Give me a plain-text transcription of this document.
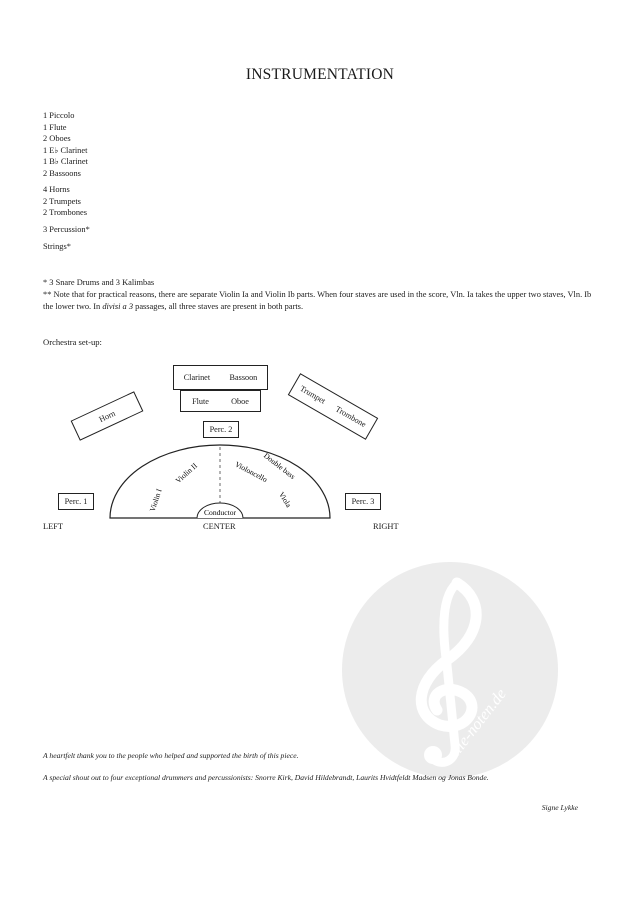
alle-noten.de
INSTRUMENTATION
1 Piccolo
1 Flute
2 Oboes
1 E♭ Clarinet
1 B♭ Clarinet
2 Bassoons
4 Horns
2 Trumpets
2 Trombones
3 Percussion*
Strings*
* 3 Snare Drums and 3 Kalimbas
** Note that for practical reasons, there are separate Violin Ia and Violin Ib parts. When four staves are used in the score, Vln. Ia takes the upper two staves, Vln. Ib the lower two. In divisi a 3 passages, all three staves are present in both parts.
Orchestra set-up:
Clarinet Bassoon
Flute	Oboe
Horn
Trumpet
Trombone
Perc. 2
Perc. 1	Perc. 3
Conductor
Violin I
Violin II	Violoncello
Double bass
Viola
LEFT	CENTER	RIGHT
A heartfelt thank you to the people who helped and supported the birth of this piece.
A special shout out to four exceptional drummers and percussionists: Snorre Kirk, David Hildebrandt, Laurits Hvidtfeldt Madsen og Jonas Bonde.
Signe Lykke
